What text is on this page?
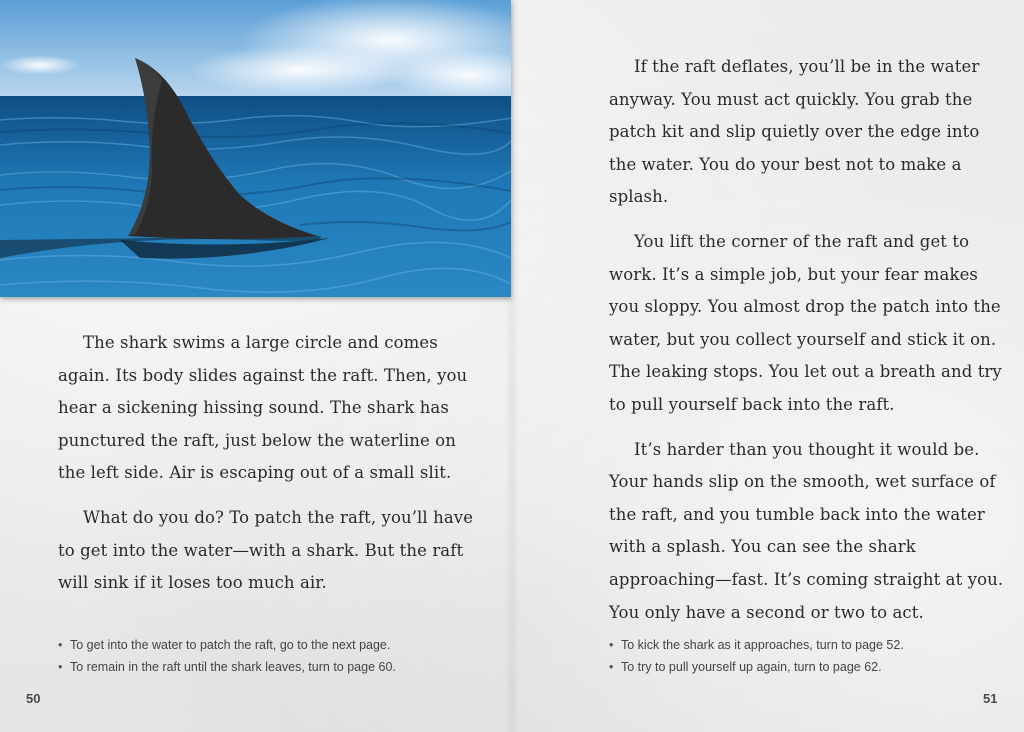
The shark swims a large circle and comes again. Its body slides against the raft. Then, you hear a sickening hissing sound. The shark has punctured the raft, just below the waterline on the left side. Air is escaping out of a small slit.

What do you do? To patch the raft, you’ll have to get into the water—with a shark. But the raft will sink if it loses too much air.

• To get into the water to patch the raft, go to the next page.
• To remain in the raft until the shark leaves, turn to page 60.
50

If the raft deflates, you’ll be in the water anyway. You must act quickly. You grab the patch kit and slip quietly over the edge into the water. You do your best not to make a splash.

You lift the corner of the raft and get to work. It’s a simple job, but your fear makes you sloppy. You almost drop the patch into the water, but you collect yourself and stick it on. The leaking stops. You let out a breath and try to pull yourself back into the raft.

It’s harder than you thought it would be. Your hands slip on the smooth, wet surface of the raft, and you tumble back into the water with a splash. You can see the shark approaching—fast. It’s coming straight at you. You only have a second or two to act.

• To kick the shark as it approaches, turn to page 52.
• To try to pull yourself up again, turn to page 62.
51
